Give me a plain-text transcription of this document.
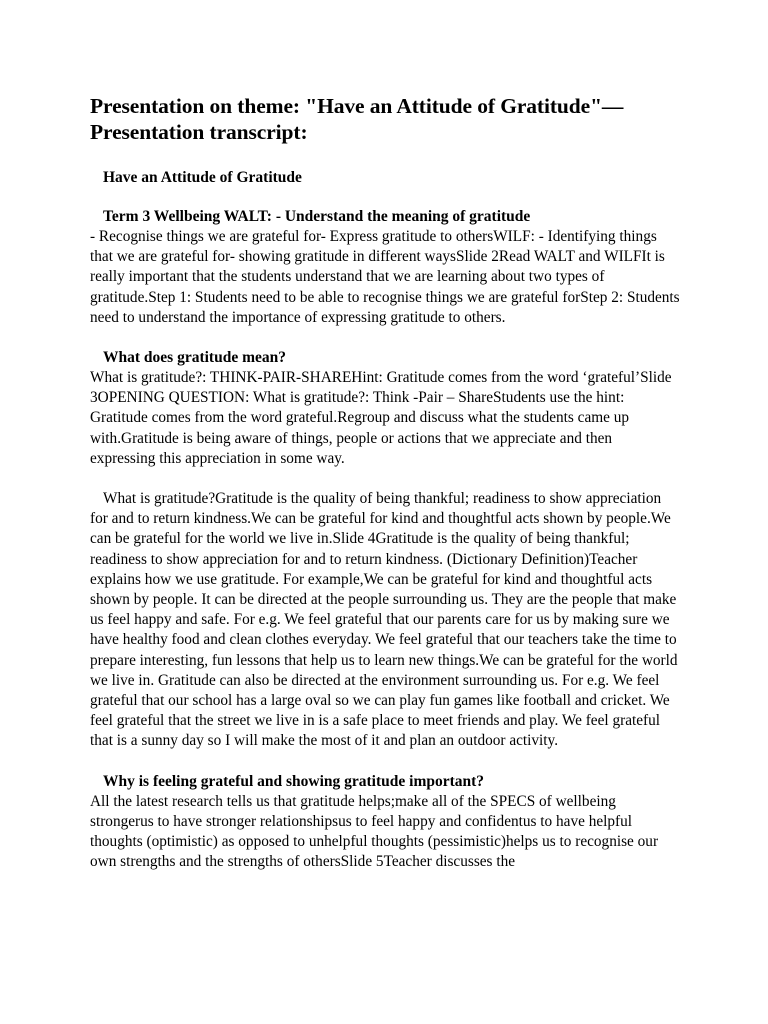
Presentation on theme: "Have an Attitude of Gratitude"— Presentation transcript:

Have an Attitude of Gratitude

Term 3 Wellbeing WALT: - Understand the meaning of gratitude

- Recognise things we are grateful for- Express gratitude to othersWILF: - Identifying things that we are grateful for- showing gratitude in different waysSlide 2Read WALT and WILFIt is really important that the students understand that we are learning about two types of gratitude.Step 1: Students need to be able to recognise things we are grateful forStep 2: Students need to understand the importance of expressing gratitude to others.

What does gratitude mean?

What is gratitude?: THINK-PAIR-SHAREHint: Gratitude comes from the word ‘grateful’Slide 3OPENING QUESTION: What is gratitude?: Think -Pair – ShareStudents use the hint: Gratitude comes from the word grateful.Regroup and discuss what the students came up with.Gratitude is being aware of things, people or actions that we appreciate and then expressing this appreciation in some way.

What is gratitude?Gratitude is the quality of being thankful; readiness to show appreciation for and to return kindness.We can be grateful for kind and thoughtful acts shown by people.We can be grateful for the world we live in.Slide 4Gratitude is the quality of being thankful; readiness to show appreciation for and to return kindness. (Dictionary Definition)Teacher explains how we use gratitude. For example,We can be grateful for kind and thoughtful acts shown by people. It can be directed at the people surrounding us. They are the people that make us feel happy and safe. For e.g. We feel grateful that our parents care for us by making sure we have healthy food and clean clothes everyday. We feel grateful that our teachers take the time to prepare interesting, fun lessons that help us to learn new things.We can be grateful for the world we live in. Gratitude can also be directed at the environment surrounding us. For e.g. We feel grateful that our school has a large oval so we can play fun games like football and cricket. We feel grateful that the street we live in is a safe place to meet friends and play. We feel grateful that is a sunny day so I will make the most of it and plan an outdoor activity.

Why is feeling grateful and showing gratitude important?

All the latest research tells us that gratitude helps;make all of the SPECS of wellbeing strongerus to have stronger relationshipsus to feel happy and confidentus to have helpful thoughts (optimistic) as opposed to unhelpful thoughts (pessimistic)helps us to recognise our own strengths and the strengths of othersSlide 5Teacher discusses the
